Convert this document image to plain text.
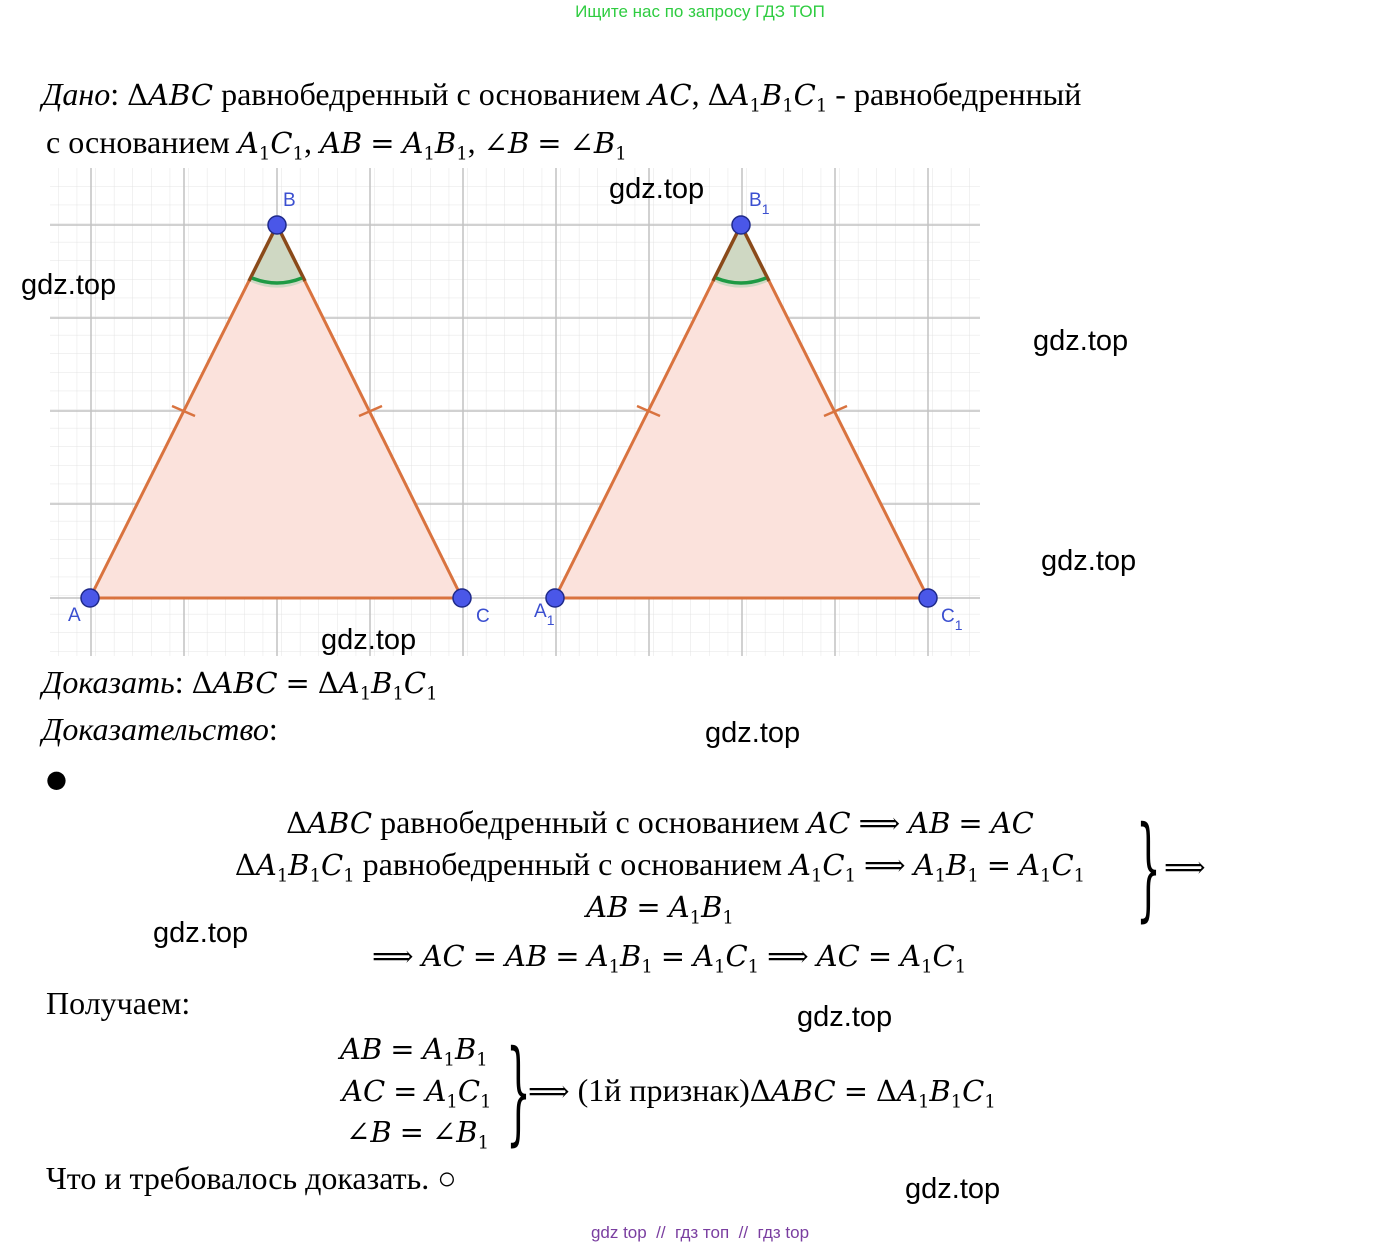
Ищите нас по запросу ГДЗ ТОП
Дано: ΔABC равнобедренный с основанием AC, $\Delta A_1B_1C_1$ - равнобедренный
с основанием $A_1C_1$, AB = $A_1B_1$, ∠B = $\angle B_1$
A
B
C $A_1$
$B_1$
$C_1$
Доказать: $\Delta ABC = \Delta A_1B_1C_1$
Доказательство:
●
ΔABC равнобедренный с основанием AC ⟹ AB = AC
$\Delta A_1B_1C_1$ равнобедренный с основанием $A_1C_1$ ⟹ $A_1B_1 = A_1C_1$
AB = $A_1B_1$	} ⟹
⟹ AC = AB = $A_1B_1 = A_1C_1$ ⟹ AC = $A_1C_1$
Получаем:
AB = $A_1B_1$
AC = $A_1C_1$
∠B = $\angle B_1$ }
⟹ (1й признак)ΔABC = $\Delta A_1B_1C_1$
Что и требовалось доказать. ○
gdz.top
gdz.top
gdz.top
gdz.top
gdz.top
gdz.top
gdz.top
gdz.top
gdz.top
gdz top  //  гдз топ  //  гдз top
